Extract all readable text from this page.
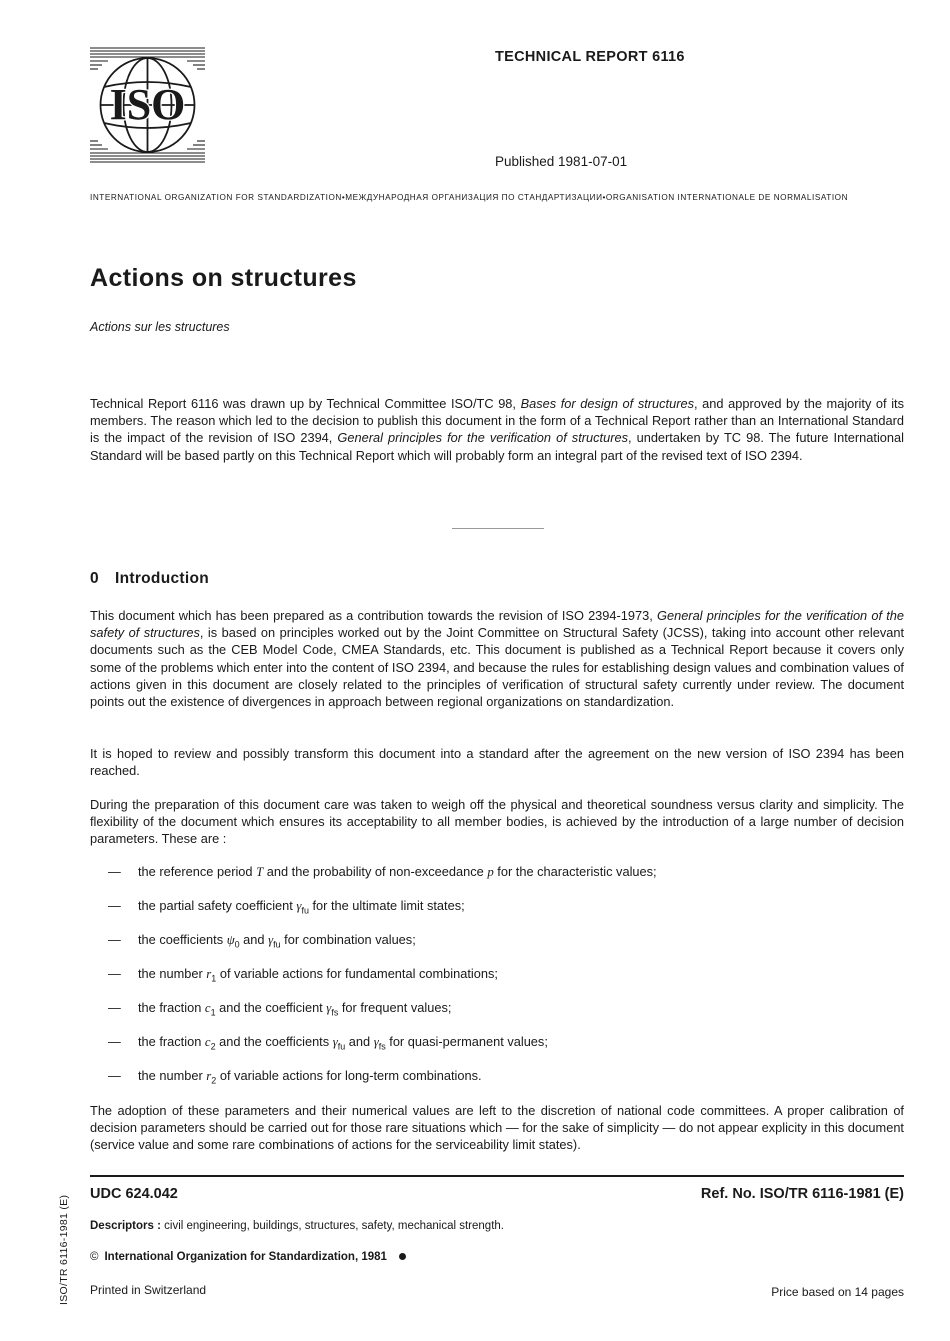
ISO
TECHNICAL REPORT 6116
Published 1981-07-01
INTERNATIONAL ORGANIZATION FOR STANDARDIZATION•МЕЖДУНАРОДНАЯ ОРГАНИЗАЦИЯ ПО СТАНДАРТИЗАЦИИ•ORGANISATION INTERNATIONALE DE NORMALISATION
Actions on structures
Actions sur les structures

Technical Report 6116 was drawn up by Technical Committee ISO/TC 98, Bases for design of structures, and approved by the majority of its members. The reason which led to the decision to publish this document in the form of a Technical Report rather than an International Standard is the impact of the revision of ISO 2394, General principles for the verification of structures, undertaken by TC 98. The future International Standard will be based partly on this Technical Report which will probably form an integral part of the revised text of ISO 2394.

0 Introduction

This document which has been prepared as a contribution towards the revision of ISO 2394-1973, General principles for the verification of the safety of structures, is based on principles worked out by the Joint Committee on Structural Safety (JCSS), taking into account other relevant documents such as the CEB Model Code, CMEA Standards, etc. This document is published as a Technical Report because it covers only some of the problems which enter into the content of ISO 2394, and because the rules for establishing design values and combination values of actions given in this document are closely related to the principles of verification of structural safety currently under review. The document points out the existence of divergences in approach between regional organizations on standardization.

It is hoped to review and possibly transform this document into a standard after the agreement on the new version of ISO 2394 has been reached.

During the preparation of this document care was taken to weigh off the physical and theoretical soundness versus clarity and simplicity. The flexibility of the document which ensures its acceptability to all member bodies, is achieved by the introduction of a large number of decision parameters. These are :

—	the reference period T and the probability of non-exceedance p for the characteristic values;
—	the partial safety coefficient $\gamma_{fu}$ for the ultimate limit states;
—	the coefficients $\psi_0$ and $\gamma_{fu}$ for combination values;
—	the number $r_1$ of variable actions for fundamental combinations;
—	the fraction $c_1$ and the coefficient $\gamma_{fs}$ for frequent values;
—	the fraction $c_2$ and the coefficients $\gamma_{fu}$ and $\gamma_{fs}$ for quasi-permanent values;
—	the number $r_2$ of variable actions for long-term combinations.

The adoption of these parameters and their numerical values are left to the discretion of national code committees. A proper calibration of decision parameters should be carried out for those rare situations which — for the sake of simplicity — do not appear explicity in this document (service value and some rare combinations of actions for the serviceability limit states).

UDC 624.042	Ref. No. ISO/TR 6116-1981 (E)
Descriptors : civil engineering, buildings, structures, safety, mechanical strength.
© International Organization for Standardization, 1981
Printed in Switzerland	Price based on 14 pages
ISO/TR 6116-1981 (E)
